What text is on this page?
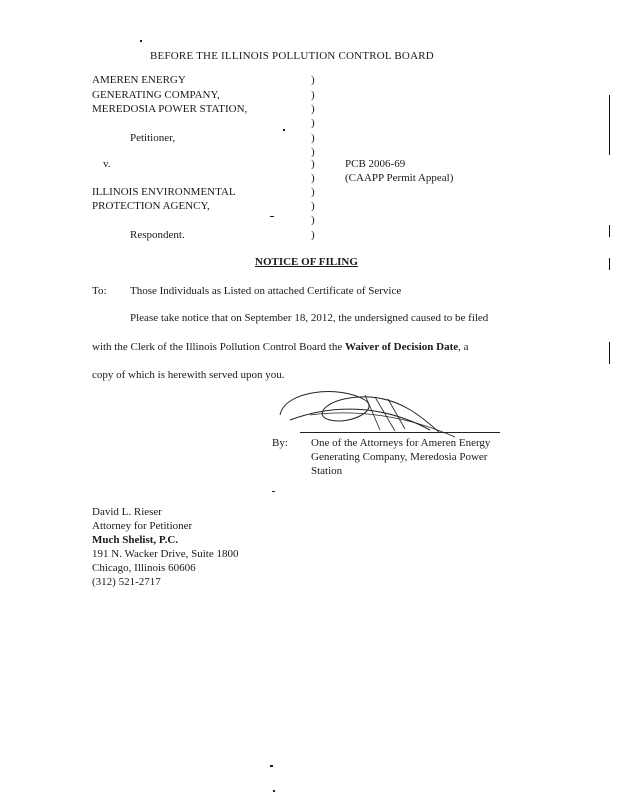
BEFORE THE ILLINOIS POLLUTION CONTROL BOARD
AMEREN ENERGY
GENERATING COMPANY,
MEREDOSIA POWER STATION,
Petitioner,
v.
ILLINOIS ENVIRONMENTAL
PROTECTION AGENCY,
Respondent.
)
)
)
)
)
)
)
)
)
)
)
)
PCB 2006-69
(CAAPP Permit Appeal)
NOTICE OF FILING
To: Those Individuals as Listed on attached Certificate of Service
Please take notice that on September 18, 2012, the undersigned caused to be filed
with the Clerk of the Illinois Pollution Control Board the Waiver of Decision Date, a
copy of which is herewith served upon you.
By: One of the Attorneys for Ameren Energy
Generating Company, Meredosia Power
Station
David L. Rieser
Attorney for Petitioner
Much Shelist, P.C.
191 N. Wacker Drive, Suite 1800
Chicago, Illinois 60606
(312) 521-2717
